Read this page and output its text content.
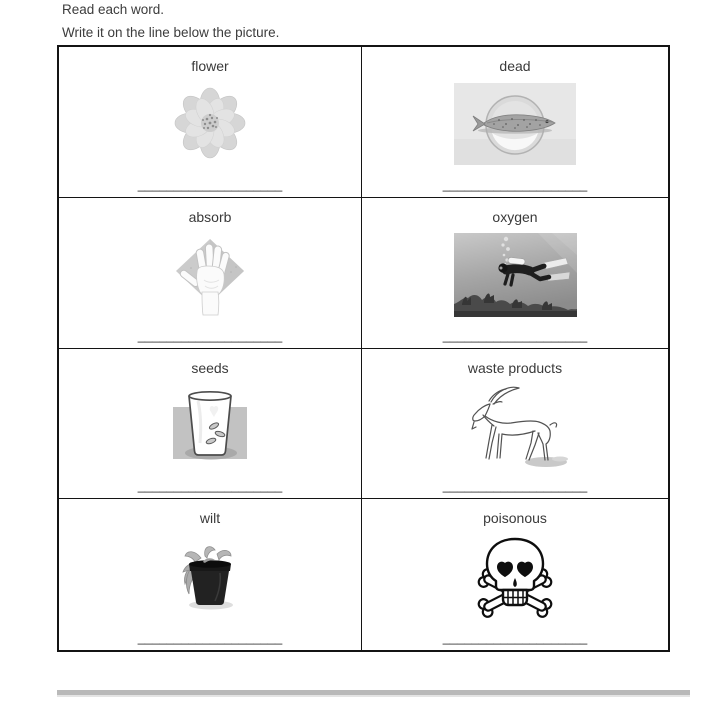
Read each word.
Write it on the line below the picture.
flower
____________________
dead
____________________
absorb
____________________
oxygen
____________________
seeds
____________________
waste products
____________________
wilt
____________________
poisonous
____________________
